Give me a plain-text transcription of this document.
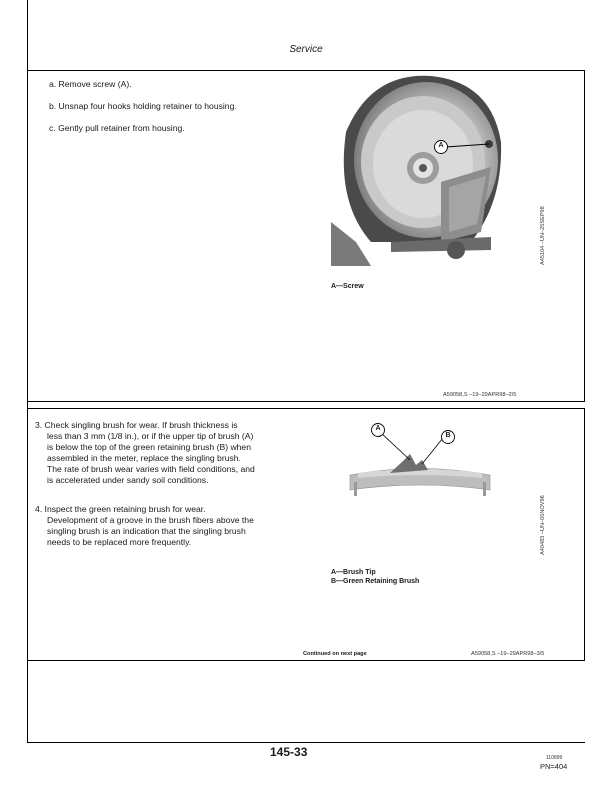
Service
a. Remove screw (A).
b. Unsnap four hooks holding retainer to housing.
c. Gently pull retainer from housing.
A
A45104 –UN–25SEP98
A—Screw
A59058,S –19–29APR98–2/5
3. Check singling brush for wear. If brush thickness is
less than 3 mm (1/8 in.), or if the upper tip of brush (A)
is below the top of the green retaining brush (B) when
assembled in the meter, replace the singling brush.
The rate of brush wear varies with field conditions, and
is accelerated under sandy soil conditions.
4. Inspect the green retaining brush for wear.
Development of a groove in the brush fibers above the
singling brush is an indication that the singling brush
needs to be replaced more frequently.
A
B
A40483 –UN–05NOV96
A—Brush Tip
B—Green Retaining Brush
Continued on next page	A59058,S –19–29APR98–3/5
145-33	110899
PN=404
